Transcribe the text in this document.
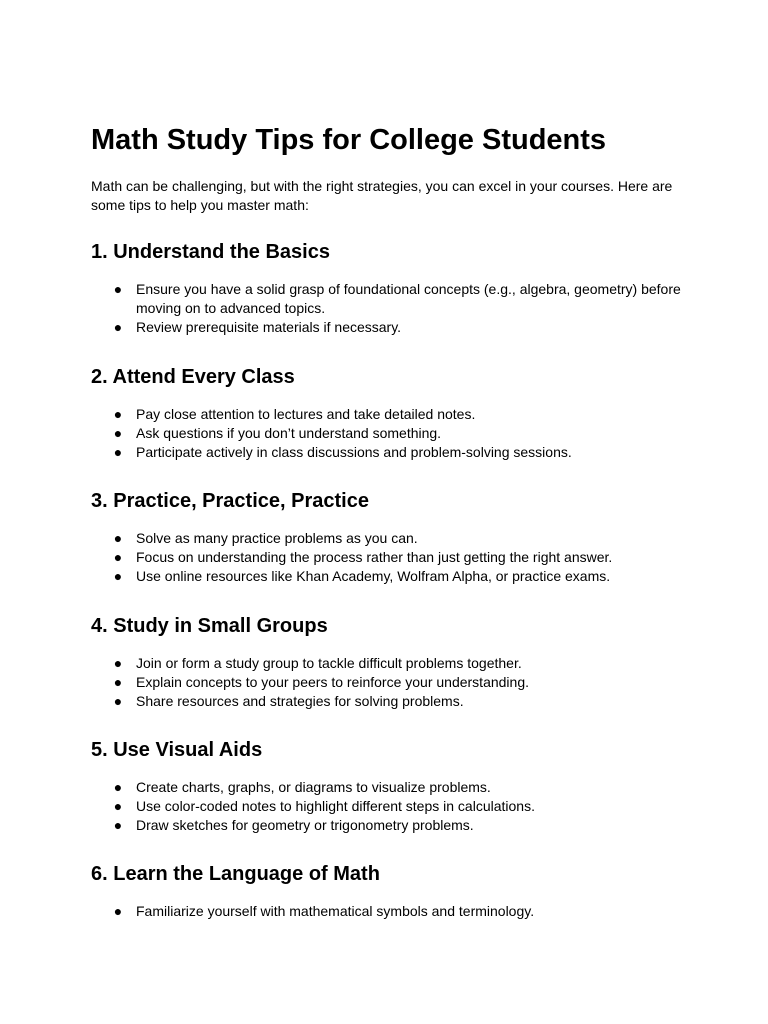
Math Study Tips for College Students

Math can be challenging, but with the right strategies, you can excel in your courses. Here are some tips to help you master math:

1. Understand the Basics
● Ensure you have a solid grasp of foundational concepts (e.g., algebra, geometry) before moving on to advanced topics.
● Review prerequisite materials if necessary.
2. Attend Every Class
● Pay close attention to lectures and take detailed notes.
● Ask questions if you don’t understand something.
● Participate actively in class discussions and problem-solving sessions.
3. Practice, Practice, Practice
● Solve as many practice problems as you can.
● Focus on understanding the process rather than just getting the right answer.
● Use online resources like Khan Academy, Wolfram Alpha, or practice exams.
4. Study in Small Groups
● Join or form a study group to tackle difficult problems together.
● Explain concepts to your peers to reinforce your understanding.
● Share resources and strategies for solving problems.
5. Use Visual Aids
● Create charts, graphs, or diagrams to visualize problems.
● Use color-coded notes to highlight different steps in calculations.
● Draw sketches for geometry or trigonometry problems.
6. Learn the Language of Math
● Familiarize yourself with mathematical symbols and terminology.
